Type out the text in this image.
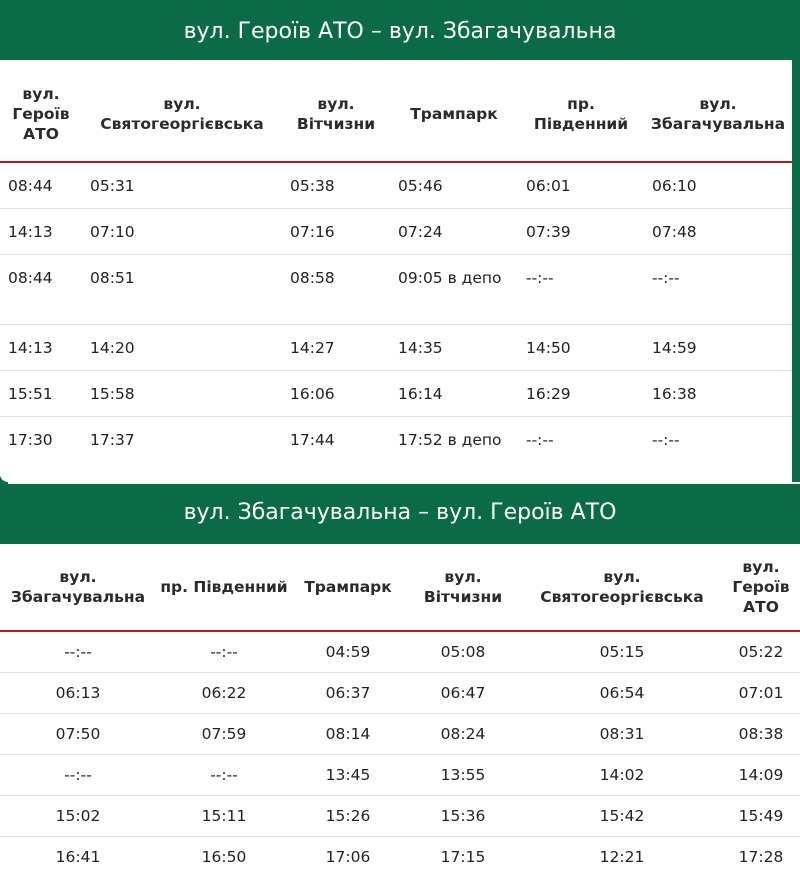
вул. Героїв АТО – вул. Збагачувальна
вул. Героїв АТО	вул. Святогеоргієвська	вул. Вітчизни	Трампарк	пр. Південний	вул. Збагачувальна
08:44	05:31	05:38	05:46	06:01	06:10
14:13	07:10	07:16	07:24	07:39	07:48
08:44	08:51	08:58	09:05 в депо	--:--	--:--
14:13	14:20	14:27	14:35	14:50	14:59
15:51	15:58	16:06	16:14	16:29	16:38
17:30	17:37	17:44	17:52 в депо	--:--	--:--
вул. Збагачувальна – вул. Героїв АТО
вул. Збагачувальна	пр. Південний	Трампарк	вул. Вітчизни	вул. Святогеоргієвська	вул. Героїв АТО
--:--	--:--	04:59	05:08	05:15	05:22
06:13	06:22	06:37	06:47	06:54	07:01
07:50	07:59	08:14	08:24	08:31	08:38
--:--	--:--	13:45	13:55	14:02	14:09
15:02	15:11	15:26	15:36	15:42	15:49
16:41	16:50	17:06	17:15	12:21	17:28
